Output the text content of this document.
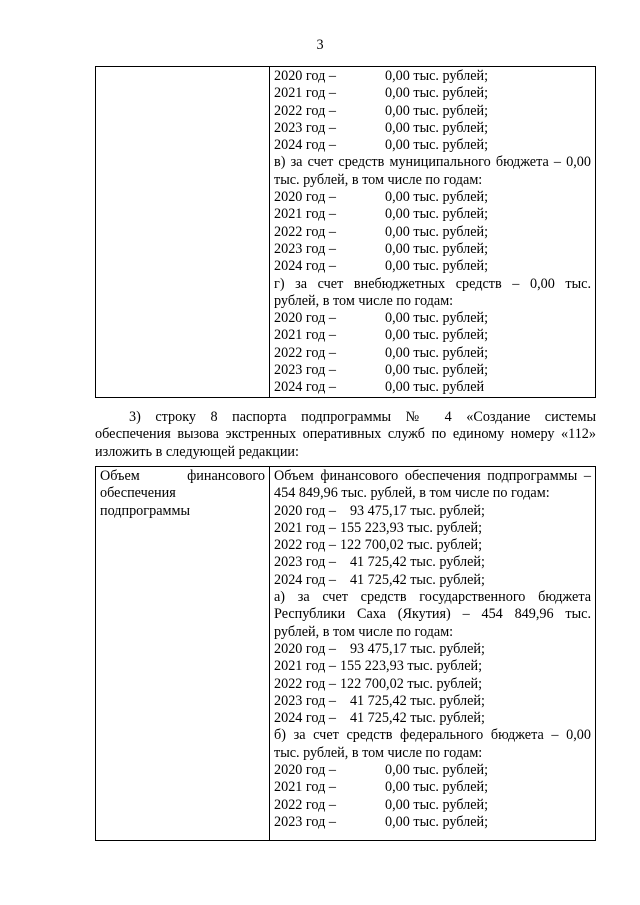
3

2020 год –	0,00 тыс. рублей;
2021 год –	0,00 тыс. рублей;
2022 год –	0,00 тыс. рублей;
2023 год –	0,00 тыс. рублей;
2024 год –	0,00 тыс. рублей;
в) за счет средств муниципального бюджета – 0,00
тыс. рублей, в том числе по годам:
2020 год –	0,00 тыс. рублей;
2021 год –	0,00 тыс. рублей;
2022 год –	0,00 тыс. рублей;
2023 год –	0,00 тыс. рублей;
2024 год –	0,00 тыс. рублей;
г) за счет внебюджетных средств – 0,00 тыс.
рублей, в том числе по годам:
2020 год –	0,00 тыс. рублей;
2021 год –	0,00 тыс. рублей;
2022 год –	0,00 тыс. рублей;
2023 год –	0,00 тыс. рублей;
2024 год –	0,00 тыс. рублей
3) строку 8 паспорта подпрограммы № 4 «Создание системы
обеспечения вызова экстренных оперативных служб по единому номеру «112»
изложить в следующей редакции:
Объем финансового
обеспечения
подпрограммы

Объем финансового обеспечения подпрограммы –
454 849,96 тыс. рублей, в том числе по годам:
2020 год – 93 475,17 тыс. рублей;
2021 год – 155 223,93 тыс. рублей;
2022 год – 122 700,02 тыс. рублей;
2023 год – 41 725,42 тыс. рублей;
2024 год – 41 725,42 тыс. рублей;
а) за счет средств государственного бюджета
Республики Саха (Якутия) – 454 849,96 тыс.
рублей, в том числе по годам:
2020 год – 93 475,17 тыс. рублей;
2021 год – 155 223,93 тыс. рублей;
2022 год – 122 700,02 тыс. рублей;
2023 год – 41 725,42 тыс. рублей;
2024 год – 41 725,42 тыс. рублей;
б) за счет средств федерального бюджета – 0,00
тыс. рублей, в том числе по годам:
2020 год –	0,00 тыс. рублей;
2021 год –	0,00 тыс. рублей;
2022 год –	0,00 тыс. рублей;
2023 год –	0,00 тыс. рублей;
